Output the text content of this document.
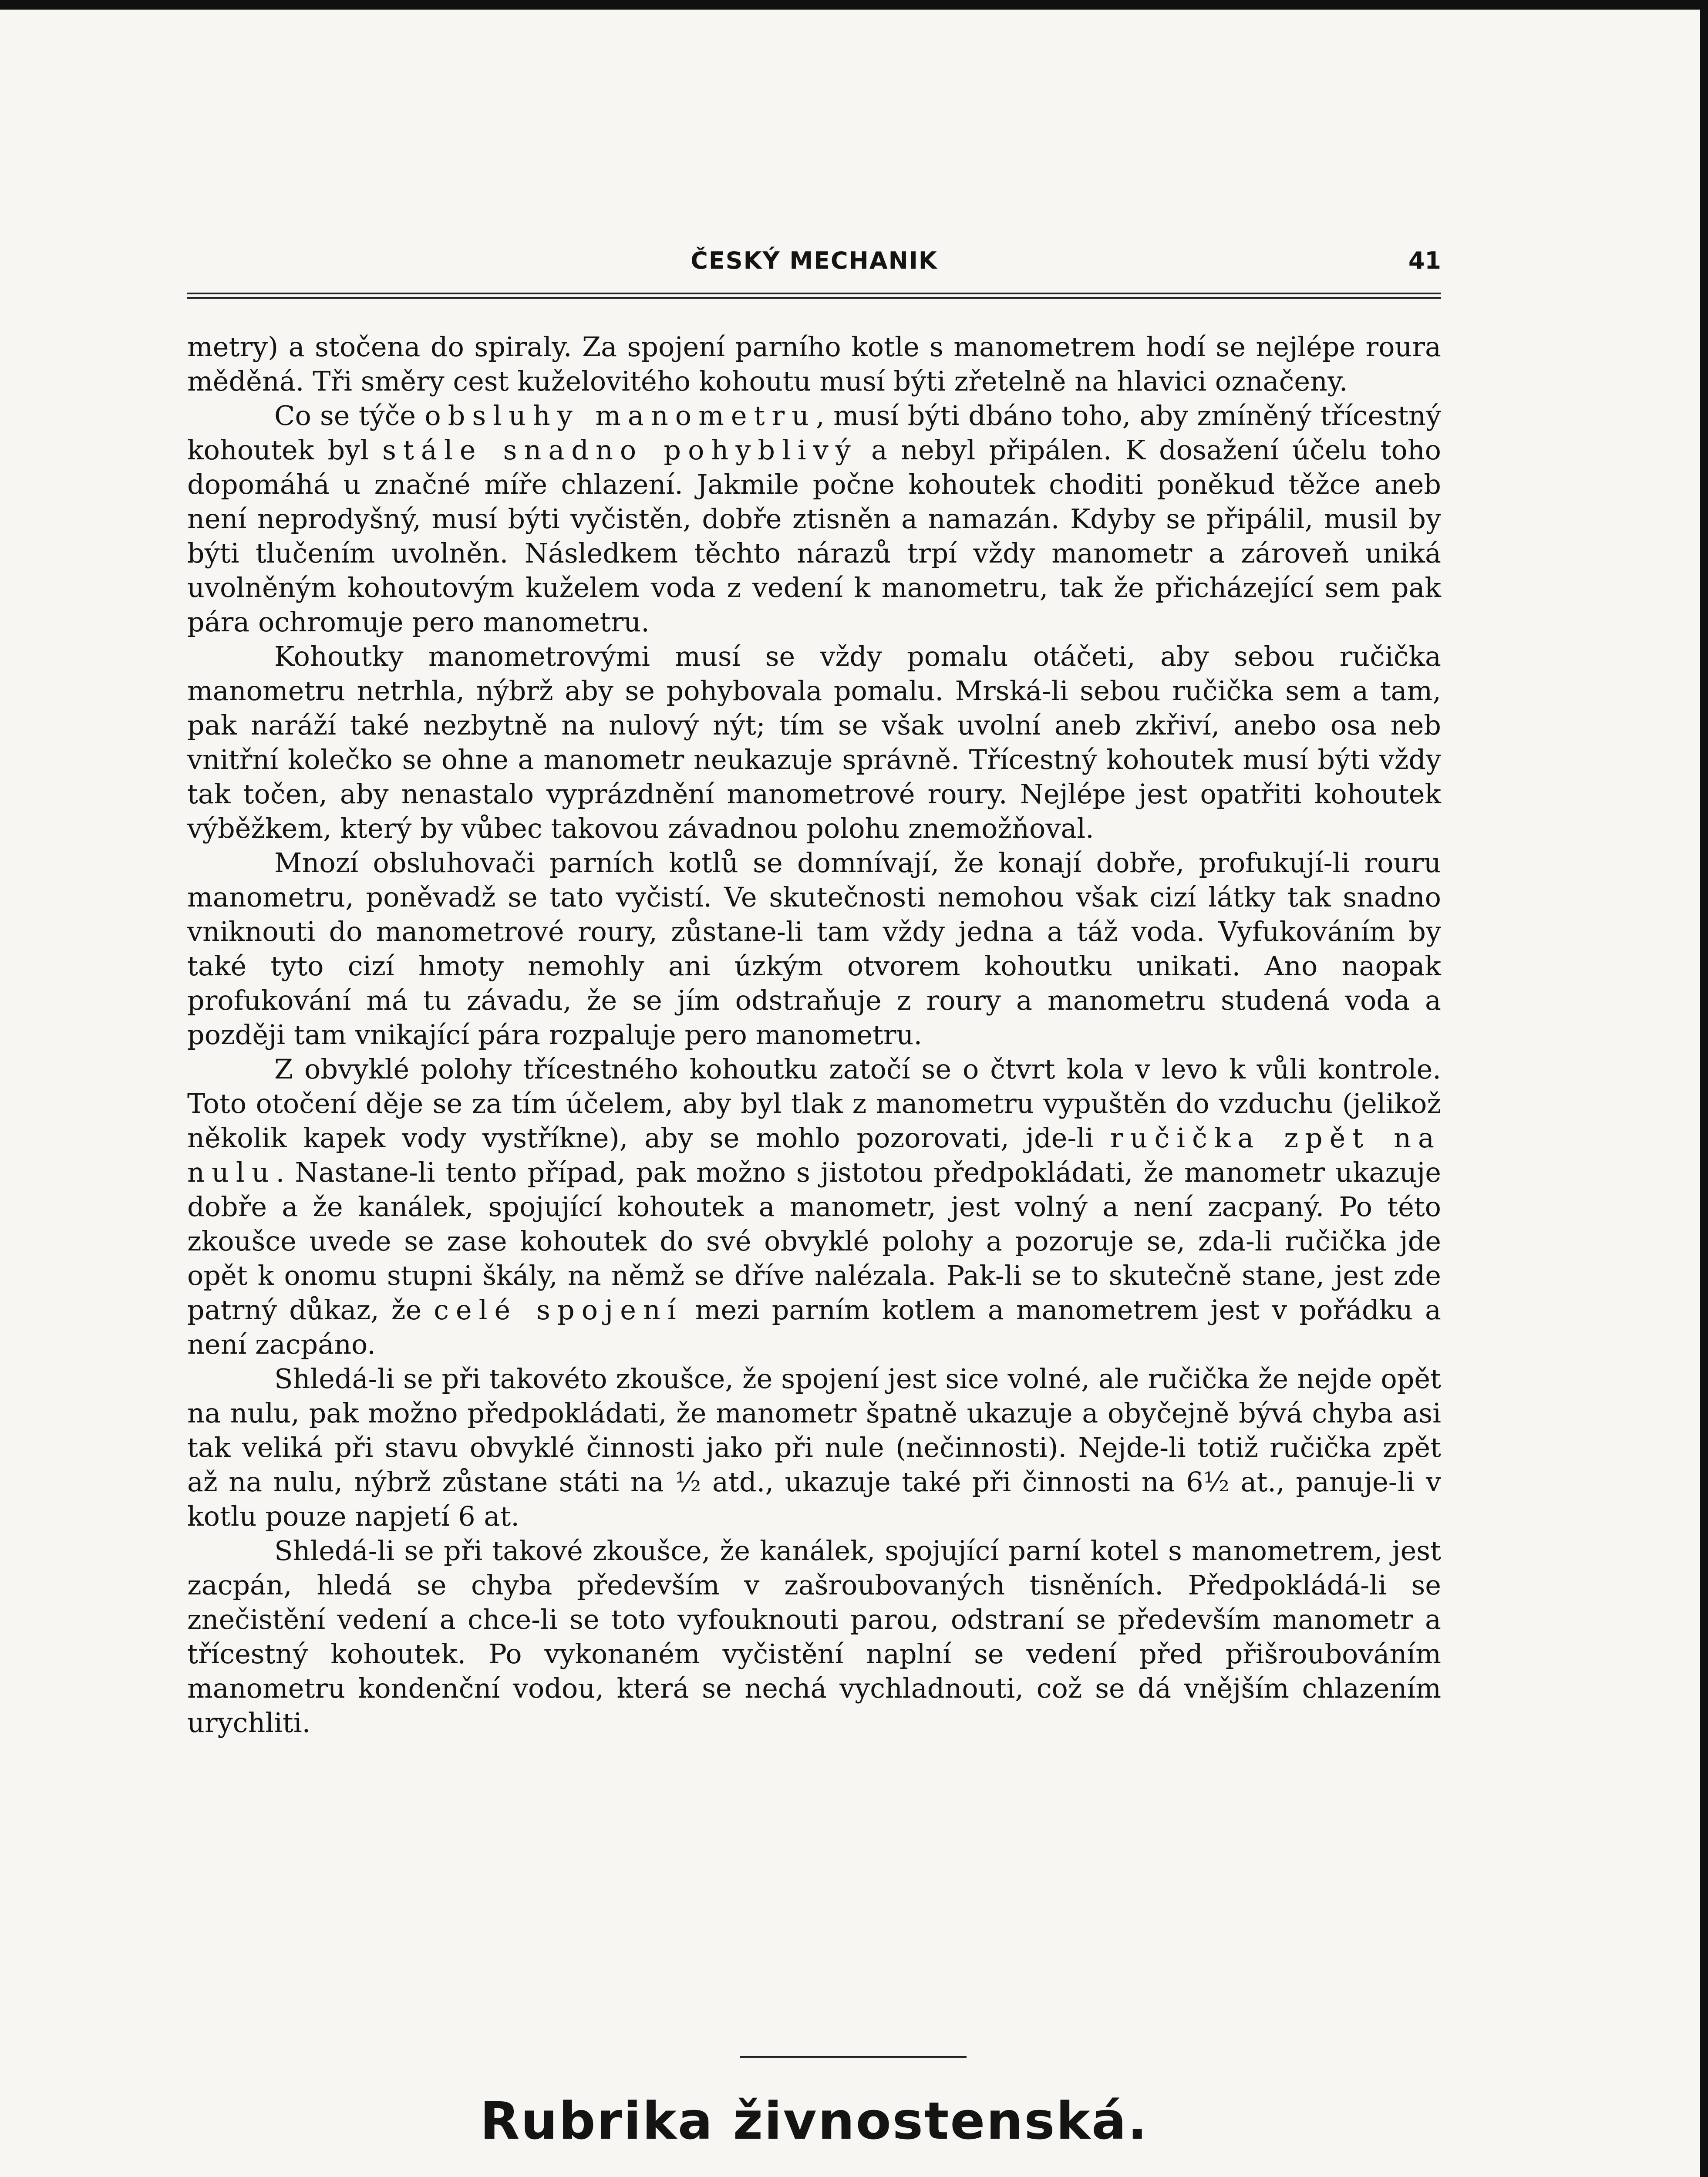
ČESKÝ MECHANIK	41

metry) a stočena do spiraly. Za spojení parního kotle s manometrem hodí se nejlépe roura měděná. Tři směry cest kuželovitého kohoutu musí býti zřetelně na hlavici označeny.

Co se týče obsluhy manometru, musí býti dbáno toho, aby zmíněný třícestný kohoutek byl stále snadno pohyblivý a nebyl připálen. K dosažení účelu toho dopomáhá u značné míře chlazení. Jakmile počne kohoutek choditi poněkud těžce aneb není neprodyšný, musí býti vyčistěn, dobře ztisněn a namazán. Kdyby se připálil, musil by býti tlučením uvolněn. Následkem těchto nárazů trpí vždy manometr a zároveň uniká uvolněným kohoutovým kuželem voda z vedení k manometru, tak že přicházející sem pak pára ochromuje pero manometru.

Kohoutky manometrovými musí se vždy pomalu otáčeti, aby sebou ručička manometru netrhla, nýbrž aby se pohybovala pomalu. Mrská-li sebou ručička sem a tam, pak naráží také nezbytně na nulový nýt; tím se však uvolní aneb zkřiví, anebo osa neb vnitřní kolečko se ohne a manometr neukazuje správně. Třícestný kohoutek musí býti vždy tak točen, aby nenastalo vyprázdnění manometrové roury. Nejlépe jest opatřiti kohoutek výběžkem, který by vůbec takovou závadnou polohu znemožňoval.

Mnozí obsluhovači parních kotlů se domnívají, že konají dobře, profukují-li rouru manometru, poněvadž se tato vyčistí. Ve skutečnosti nemohou však cizí látky tak snadno vniknouti do manometrové roury, zůstane-li tam vždy jedna a táž voda. Vyfukováním by také tyto cizí hmoty nemohly ani úzkým otvorem kohoutku unikati. Ano naopak profukování má tu závadu, že se jím odstraňuje z roury a manometru studená voda a později tam vnikající pára rozpaluje pero manometru.

Z obvyklé polohy třícestného kohoutku zatočí se o čtvrt kola v levo k vůli kontrole. Toto otočení děje se za tím účelem, aby byl tlak z manometru vypuštěn do vzduchu (jelikož několik kapek vody vystříkne), aby se mohlo pozorovati, jde-li ručička zpět na nulu. Nastane-li tento případ, pak možno s jistotou předpokládati, že manometr ukazuje dobře a že kanálek, spojující kohoutek a manometr, jest volný a není zacpaný. Po této zkoušce uvede se zase kohoutek do své obvyklé polohy a pozoruje se, zda-li ručička jde opět k onomu stupni škály, na němž se dříve nalézala. Pak-li se to skutečně stane, jest zde patrný důkaz, že celé spojení mezi parním kotlem a manometrem jest v pořádku a není zacpáno.

Shledá-li se při takovéto zkoušce, že spojení jest sice volné, ale ručička že nejde opět na nulu, pak možno předpokládati, že manometr špatně ukazuje a obyčejně bývá chyba asi tak veliká při stavu obvyklé činnosti jako při nule (nečinnosti). Nejde-li totiž ručička zpět až na nulu, nýbrž zůstane státi na ½ atd., ukazuje také při činnosti na 6½ at., panuje-li v kotlu pouze napjetí 6 at.

Shledá-li se při takové zkoušce, že kanálek, spojující parní kotel s manometrem, jest zacpán, hledá se chyba především v zašroubovaných tisněních. Předpokládá-li se znečistění vedení a chce-li se toto vyfouknouti parou, odstraní se především manometr a třícestný kohoutek. Po vykonaném vyčistění naplní se vedení před přišroubováním manometru kondenční vodou, která se nechá vychladnouti, což se dá vnějším chlazením urychliti.

Rubrika živnostenská.
